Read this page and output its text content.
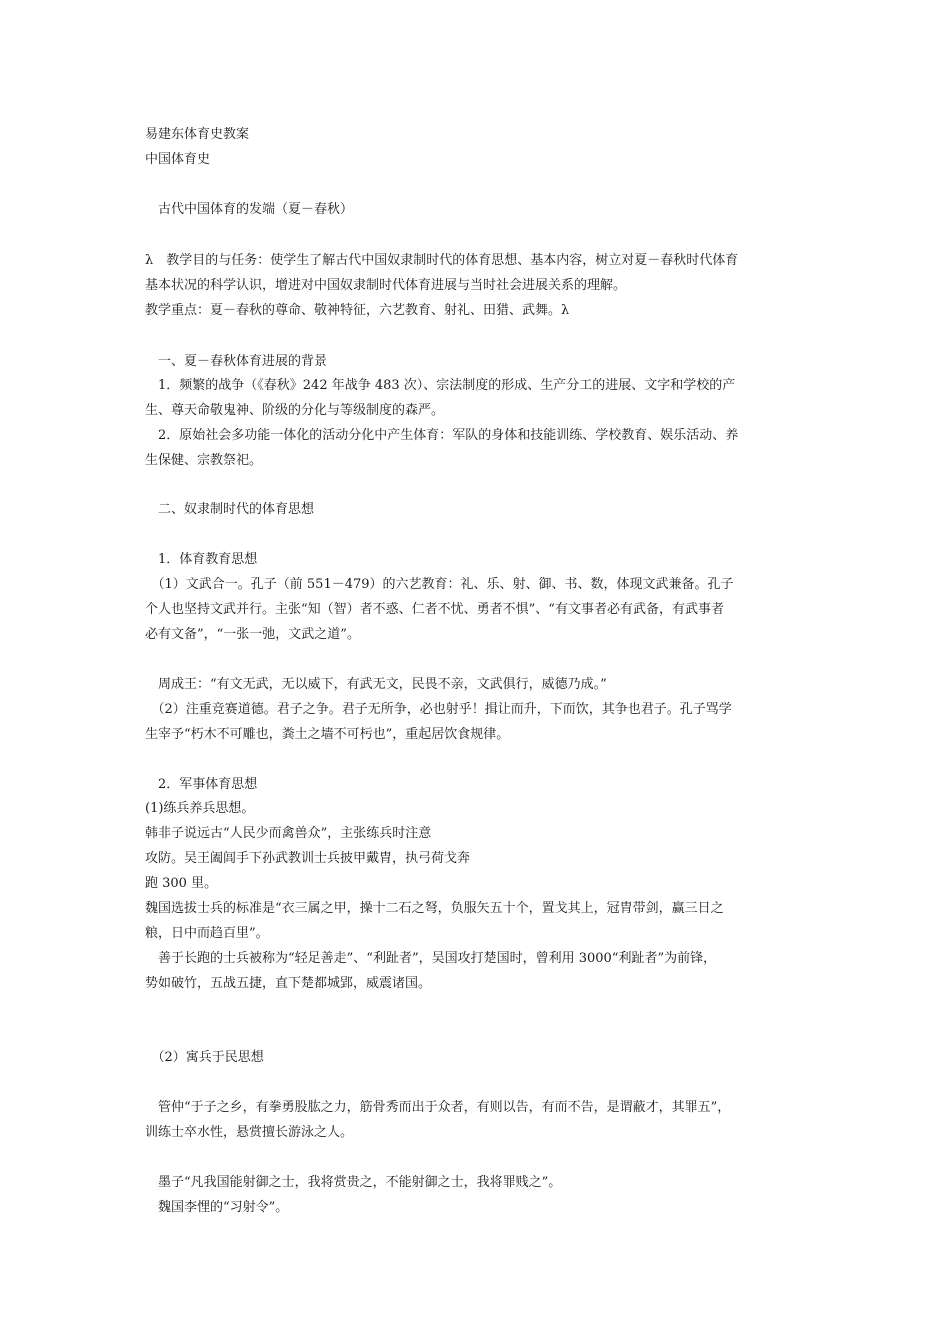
易建东体育史教案
中国体育史
古代中国体育的发端（夏－春秋）
λ　教学目的与任务：使学生了解古代中国奴隶制时代的体育思想、基本内容，树立对夏－春秋时代体育
基本状况的科学认识，增进对中国奴隶制时代体育进展与当时社会进展关系的理解。
教学重点：夏－春秋的尊命、敬神特征，六艺教育、射礼、田猎、武舞。λ
　一、夏－春秋体育进展的背景
　1．频繁的战争（《春秋》242 年战争 483 次）、宗法制度的形成、生产分工的进展、文字和学校的产
生、尊天命敬鬼神、阶级的分化与等级制度的森严。
　2．原始社会多功能一体化的活动分化中产生体育：军队的身体和技能训练、学校教育、娱乐活动、养
生保健、宗教祭祀。
　二、奴隶制时代的体育思想
　1．体育教育思想
　（1）文武合一。孔子（前 551－479）的六艺教育：礼、乐、射、御、书、数，体现文武兼备。孔子
个人也坚持文武并行。主张“知（智）者不惑、仁者不忧、勇者不惧”、“有文事者必有武备，有武事者
必有文备”，“一张一弛，文武之道”。
　周成王：“有文无武，无以威下，有武无文，民畏不亲，文武俱行，威德乃成。”
　（2）注重竞赛道德。君子之争。君子无所争，必也射乎！揖让而升，下而饮，其争也君子。孔子骂学
生宰予“朽木不可雕也，粪土之墙不可杇也”，重起居饮食规律。
　2．军事体育思想
(1)练兵养兵思想。
韩非子说远古“人民少而禽兽众”，主张练兵时注意
攻防。吴王阖闾手下孙武教训士兵披甲戴胄，执弓荷戈奔
跑 300 里。
魏国选拔士兵的标准是“衣三属之甲，操十二石之弩，负服矢五十个，置戈其上，冠胄带剑，赢三日之
粮，日中而趋百里”。
　善于长跑的士兵被称为“轻足善走”、“利趾者”，吴国攻打楚国时，曾利用 3000“利趾者”为前锋，
势如破竹，五战五捷，直下楚都城郢，威震诸国。
　（2）寓兵于民思想
　管仲“于子之乡，有拳勇股肱之力，筋骨秀而出于众者，有则以告，有而不告，是谓蔽才，其罪五”，
训练士卒水性，悬赏擅长游泳之人。
　墨子“凡我国能射御之士，我将赏贵之，不能射御之士，我将罪贱之”。
　魏国李悝的“习射令”。
